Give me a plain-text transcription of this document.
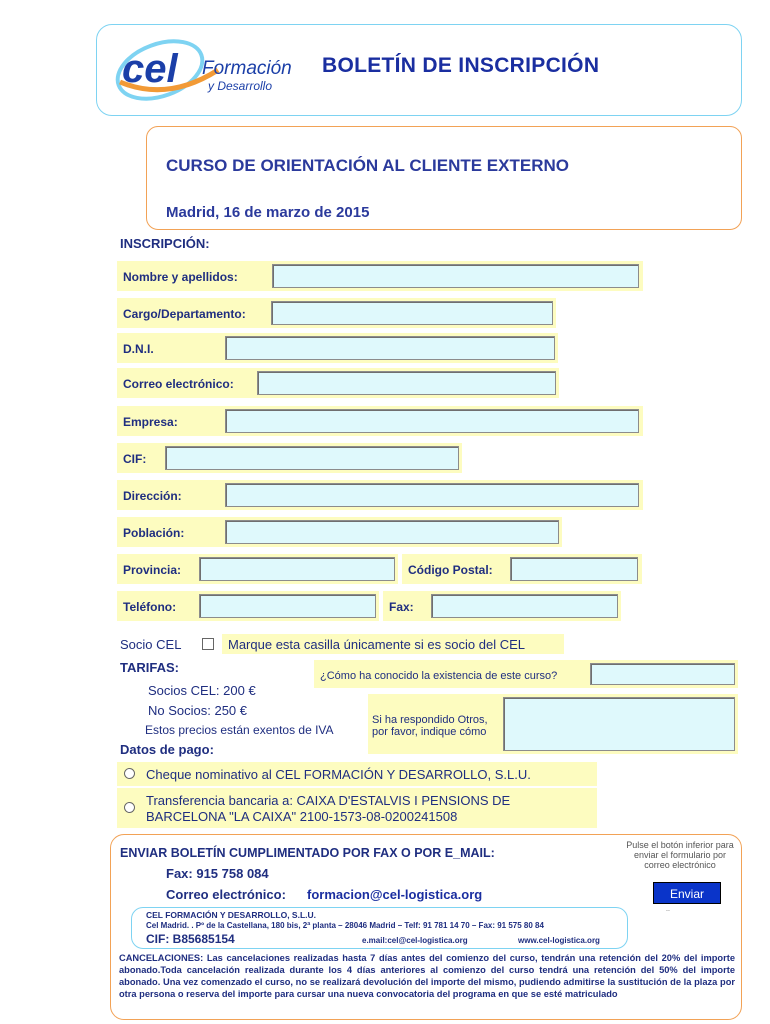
cel Formación
y Desarrollo
BOLETÍN DE INSCRIPCIÓN
CURSO DE ORIENTACIÓN AL CLIENTE EXTERNO
Madrid, 16 de marzo de 2015
INSCRIPCIÓN:
Nombre y apellidos:
Cargo/Departamento:
D.N.I.
Correo electrónico:
Empresa:
CIF:
Dirección:
Población:
Provincia:	Código Postal:
Teléfono:	Fax:
Socio CEL	Marque esta casilla únicamente si es socio del CEL
TARIFAS:
Socios CEL: 200 €
No Socios: 250 €
Estos precios están exentos de IVA
¿Cómo ha conocido la existencia de este curso?
Si ha respondido Otros,
por favor, indique cómo
Datos de pago:
Cheque nominativo al CEL FORMACIÓN Y DESARROLLO, S.L.U.
Transferencia bancaria a: CAIXA D'ESTALVIS I PENSIONS DE
BARCELONA "LA CAIXA" 2100-1573-08-0200241508
ENVIAR BOLETÍN CUMPLIMENTADO POR FAX O POR E_MAIL:
Fax: 915 758 084
Correo electrónico: formacion@cel-logistica.org
Pulse el botón inferior para enviar el formulario por correo electrónico
Enviar
..
CEL FORMACIÓN Y DESARROLLO, S.L.U.
Cel Madrid. . Pº de la Castellana, 180 bis, 2ª planta – 28046 Madrid – Telf: 91 781 14 70 – Fax: 91 575 80 84
CIF: B85685154	e.mail:cel@cel-logistica.org	www.cel-logistica.org
CANCELACIONES: Las cancelaciones realizadas hasta 7 días antes del comienzo del curso, tendrán una retención del 20% del importe abonado.Toda cancelación realizada durante los 4 días anteriores al comienzo del curso tendrá una retención del 50% del importe abonado. Una vez comenzado el curso, no se realizará devolución del importe del mismo, pudiendo admitirse la sustitución de la plaza por otra persona o reserva del importe para cursar una nueva convocatoria del programa en que se esté matriculado
